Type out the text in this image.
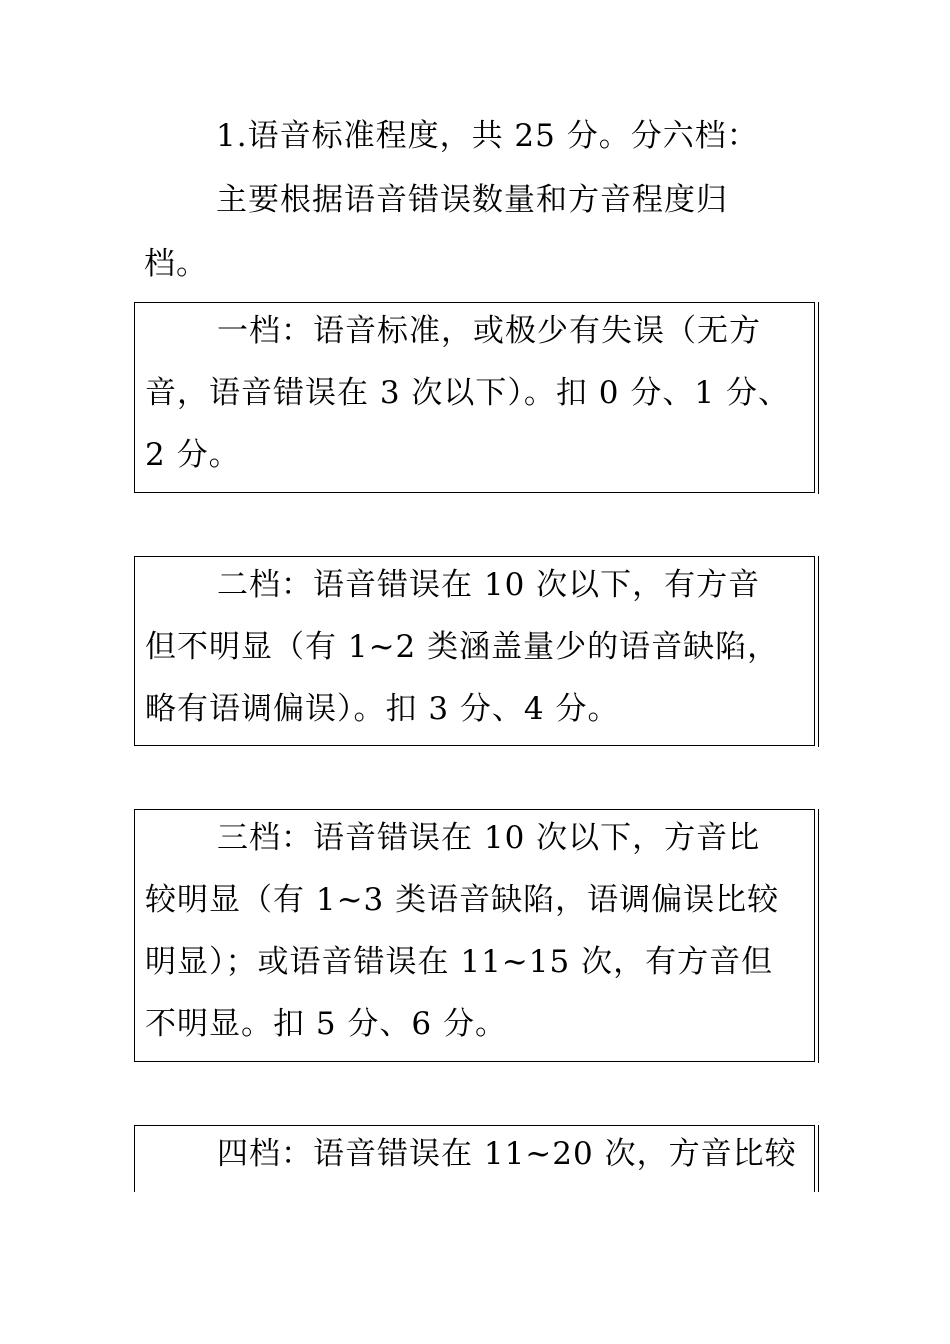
1.语音标准程度，共 25 分。分六档：
主要根据语音错误数量和方音程度归
档。
一档：语音标准，或极少有失误（无方
音，语音错误在 3 次以下）。扣 0 分、1 分、
2 分。
二档：语音错误在 10 次以下，有方音
但不明显（有 1~2 类涵盖量少的语音缺陷，
略有语调偏误）。扣 3 分、4 分。
三档：语音错误在 10 次以下，方音比
较明显（有 1~3 类语音缺陷，语调偏误比较
明显）；或语音错误在 11~15 次，有方音但
不明显。扣 5 分、6 分。
四档：语音错误在 11~20 次，方音比较
